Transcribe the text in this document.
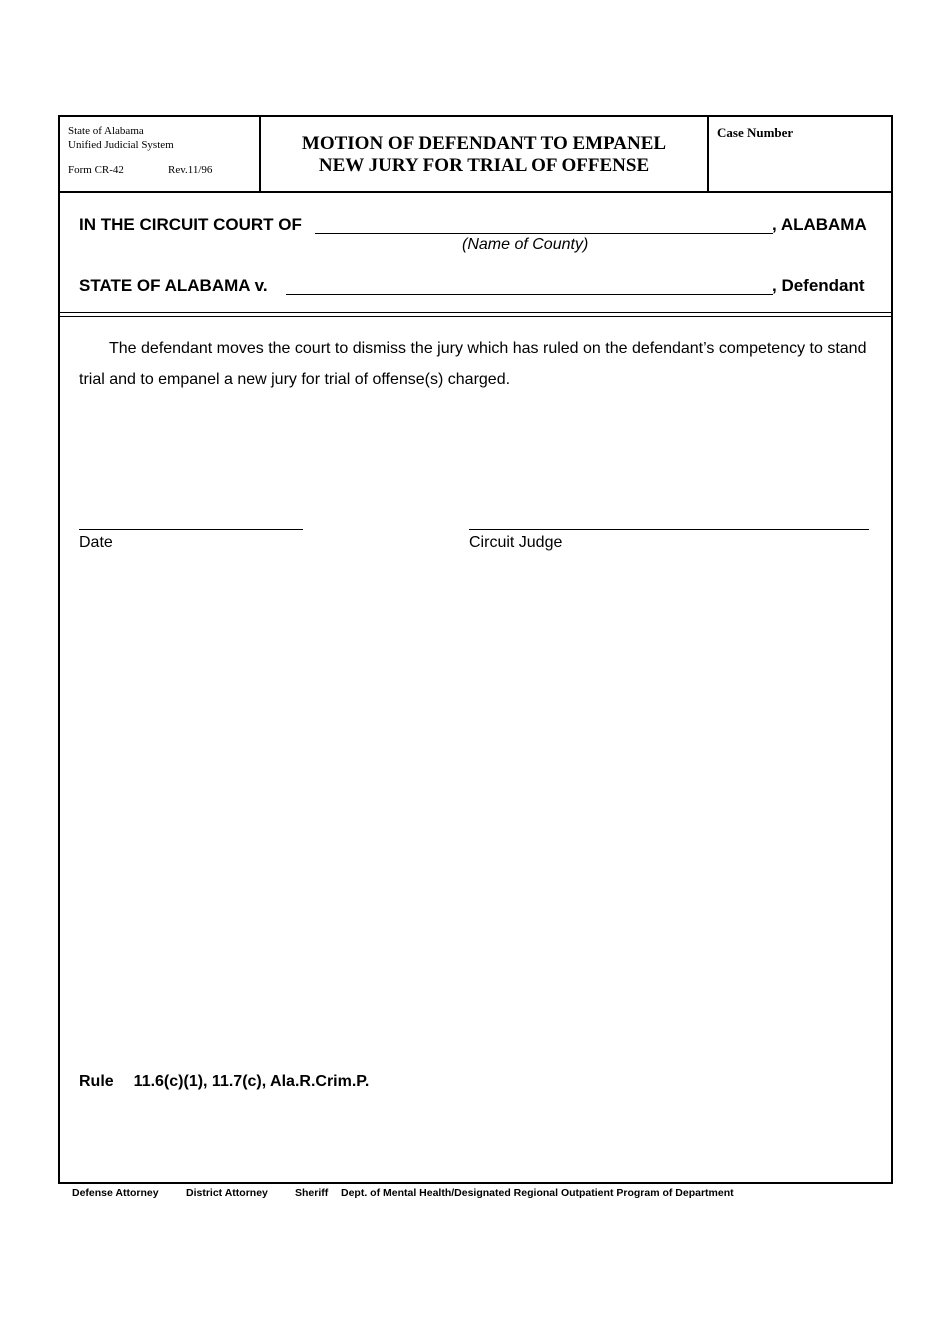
State of Alabama
Unified Judicial System
Form CR-42	Rev.11/96
MOTION OF DEFENDANT TO EMPANEL
NEW JURY FOR TRIAL OF OFFENSE
Case Number
IN THE CIRCUIT COURT OF	, ALABAMA
(Name of County)
STATE OF ALABAMA v.	, Defendant
The defendant moves the court to dismiss the jury which has ruled on the defendant’s competency to stand trial and to empanel a new jury for trial of offense(s) charged.
Date	Circuit Judge
Rule 11.6(c)(1), 11.7(c), Ala.R.Crim.P.
Defense Attorney	District Attorney	Sheriff Dept. of Mental Health/Designated Regional Outpatient Program of Department
